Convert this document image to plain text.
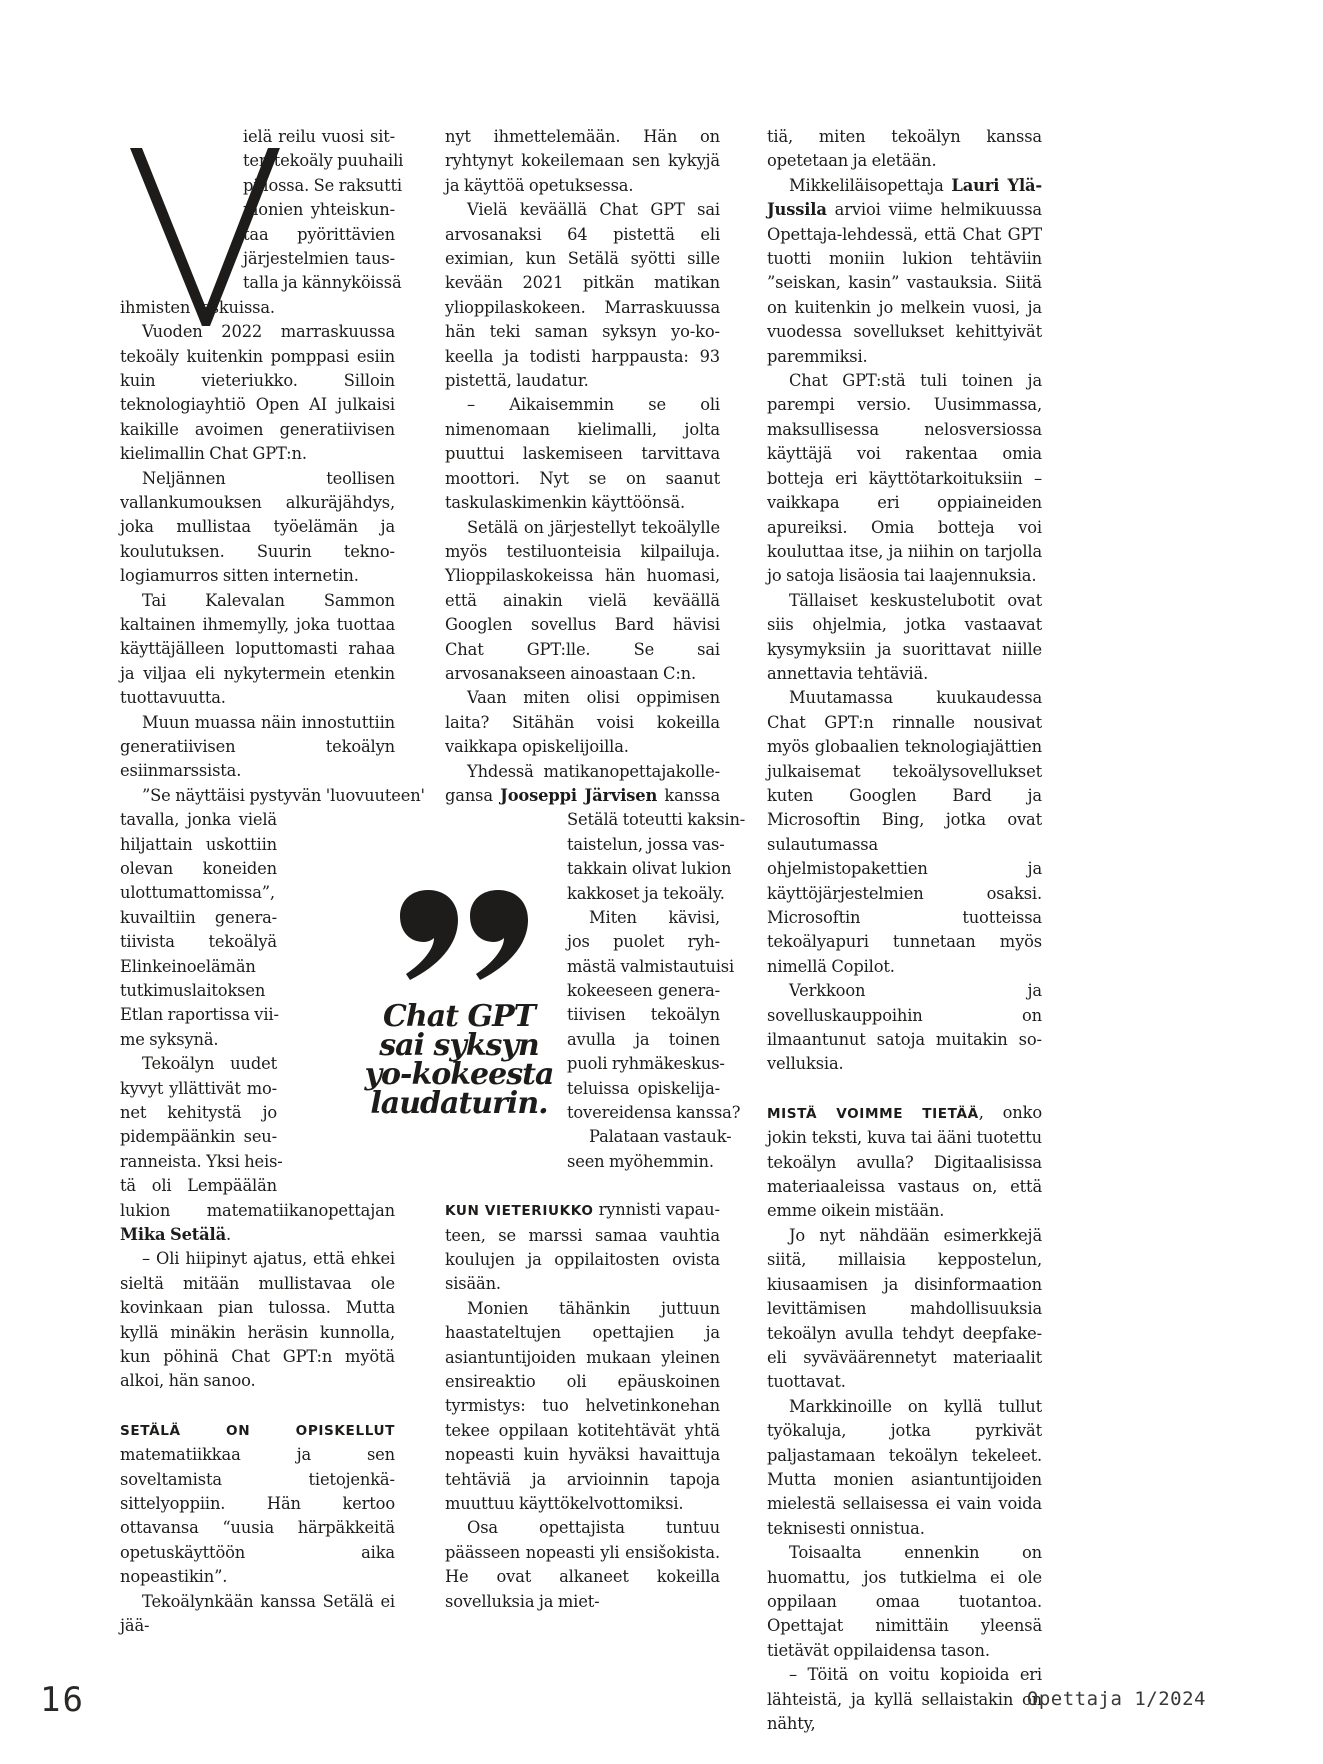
ielä reilu vuosi sit-
ten tekoäly puuhaili
piilossa. Se raksutti
monien yhteiskun-
taa pyörittävien
järjestelmien taus-
talla ja kännyköissä

ihmisten taskuissa.

Vuoden 2022 marraskuussa tekoäly kuitenkin pomppasi esiin kuin vieteriukko. Silloin teknologiayhtiö Open AI julkaisi kaikille avoimen generatiivisen kielimallin Chat GPT:n.

Neljännen teollisen vallankumouksen alkuräjähdys, joka mullistaa työelämän ja koulutuksen. Suurin teknologiamurros sitten internetin.

Tai Kalevalan Sammon kaltainen ihmemylly, joka tuottaa käyttäjälleen loputtomasti rahaa ja viljaa eli nykytermein etenkin tuottavuutta.

Muun muassa näin innostuttiin generatiivisen tekoälyn esiinmarssista.

”Se näyttäisi pystyvän 'luovuuteen'

tavalla, jonka vielä
hiljattain uskottiin
olevan koneiden
ulottumattomissa”,
kuvailtiin genera-
tiivista tekoälyä
Elinkeinoelämän
tutkimuslaitoksen
Etlan raportissa vii-
me syksynä.
Tekoälyn uudet
kyvyt yllättivät mo-
net kehitystä jo
pidempäänkin seu-
ranneista. Yksi heis-
tä oli Lempäälän

lukion matematiikanopettajan Mika Setälä.

– Oli hiipinyt ajatus, että ehkei sieltä mitään mullistavaa ole kovinkaan pian tulossa. Mutta kyllä minäkin heräsin kunnolla, kun pöhinä Chat GPT:n myötä alkoi, hän sanoo.

SETÄLÄ ON OPISKELLUT matematiikkaa ja sen soveltamista tietojenkäsittelyoppiin. Hän kertoo ottavansa “uusia härpäkkeitä opetuskäyttöön aika nopeastikin”.

Tekoälynkään kanssa Setälä ei jää-

Chat GPT
sai syksyn
yo-kokeesta
laudaturin.

nyt ihmettelemään. Hän on ryhtynyt kokeilemaan sen kykyjä ja käyttöä opetuksessa.

Vielä keväällä Chat GPT sai arvosanaksi 64 pistettä eli eximian, kun Setälä syötti sille kevään 2021 pitkän matikan ylioppilaskokeen. Marraskuussa hän teki saman syksyn yo-kokeella ja todisti harppausta: 93 pistettä, laudatur.

– Aikaisemmin se oli nimenomaan kielimalli, jolta puuttui laskemiseen tarvittava moottori. Nyt se on saanut taskulaskimenkin käyttöönsä.

Setälä on järjestellyt tekoälylle myös testiluonteisia kilpailuja. Ylioppilaskokeissa hän huomasi, että ainakin vielä keväällä Googlen sovellus Bard hävisi Chat GPT:lle. Se sai arvosanakseen ainoastaan C:n.

Vaan miten olisi oppimisen laita? Sitähän voisi kokeilla vaikkapa opiskelijoilla.

Yhdessä matikanopettajakolle-
gansa Jooseppi Järvisen kanssa
Setälä toteutti kaksin-
taistelun, jossa vas-
takkain olivat lukion
kakkoset ja tekoäly.
Miten kävisi,
jos puolet ryh-
mästä valmistautuisi
kokeeseen genera-
tiivisen tekoälyn
avulla ja toinen
puoli ryhmäkeskus-
teluissa opiskelija-
tovereidensa kanssa?
Palataan vastauk-
seen myöhemmin.

KUN VIETERIUKKO rynnisti vapauteen, se marssi samaa vauhtia koulujen ja oppilaitosten ovista sisään.

Monien tähänkin juttuun haastateltujen opettajien ja asiantuntijoiden mukaan yleinen ensireaktio oli epäuskoinen tyrmistys: tuo helvetinkonehan tekee oppilaan kotitehtävät yhtä nopeasti kuin hyväksi havaittuja tehtäviä ja arvioinnin tapoja muuttuu käyttökelvottomiksi.

Osa opettajista tuntuu päässeen nopeasti yli ensišokista. He ovat alkaneet kokeilla sovelluksia ja miet-

tiä, miten tekoälyn kanssa opetetaan ja eletään.

Mikkeliläisopettaja Lauri Ylä-Jussila arvioi viime helmikuussa Opettaja-lehdessä, että Chat GPT tuotti moniin lukion tehtäviin ”seiskan, kasin” vastauksia. Siitä on kuitenkin jo melkein vuosi, ja vuodessa sovellukset kehittyivät paremmiksi.

Chat GPT:stä tuli toinen ja parempi versio. Uusimmassa, maksullisessa nelosversiossa käyttäjä voi rakentaa omia botteja eri käyttötarkoituksiin – vaikkapa eri oppiaineiden apureiksi. Omia botteja voi kouluttaa itse, ja niihin on tarjolla jo satoja lisäosia tai laajennuksia.

Tällaiset keskustelubotit ovat siis ohjelmia, jotka vastaavat kysymyksiin ja suorittavat niille annettavia tehtäviä.

Muutamassa kuukaudessa Chat GPT:n rinnalle nousivat myös globaalien teknologiajättien julkaisemat tekoälysovellukset kuten Googlen Bard ja Microsoftin Bing, jotka ovat sulautumassa ohjelmistopakettien ja käyttöjärjestelmien osaksi. Microsoftin tuotteissa tekoälyapuri tunnetaan myös nimellä Copilot.

Verkkoon ja sovelluskauppoihin on ilmaantunut satoja muitakin sovelluksia.

MISTÄ VOIMME TIETÄÄ, onko jokin teksti, kuva tai ääni tuotettu tekoälyn avulla? Digitaalisissa materiaaleissa vastaus on, että emme oikein mistään.

Jo nyt nähdään esimerkkejä siitä, millaisia keppostelun, kiusaamisen ja disinformaation levittämisen mahdollisuuksia tekoälyn avulla tehdyt deepfake- eli syväväärennetyt materiaalit tuottavat.

Markkinoille on kyllä tullut työkaluja, jotka pyrkivät paljastamaan tekoälyn tekeleet. Mutta monien asiantuntijoiden mielestä sellaisessa ei vain voida teknisesti onnistua.

Toisaalta ennenkin on huomattu, jos tutkielma ei ole oppilaan omaa tuotantoa. Opettajat nimittäin yleensä tietävät oppilaidensa tason.

– Töitä on voitu kopioida eri lähteistä, ja kyllä sellaistakin on nähty,

16	Opettaja 1/2024
